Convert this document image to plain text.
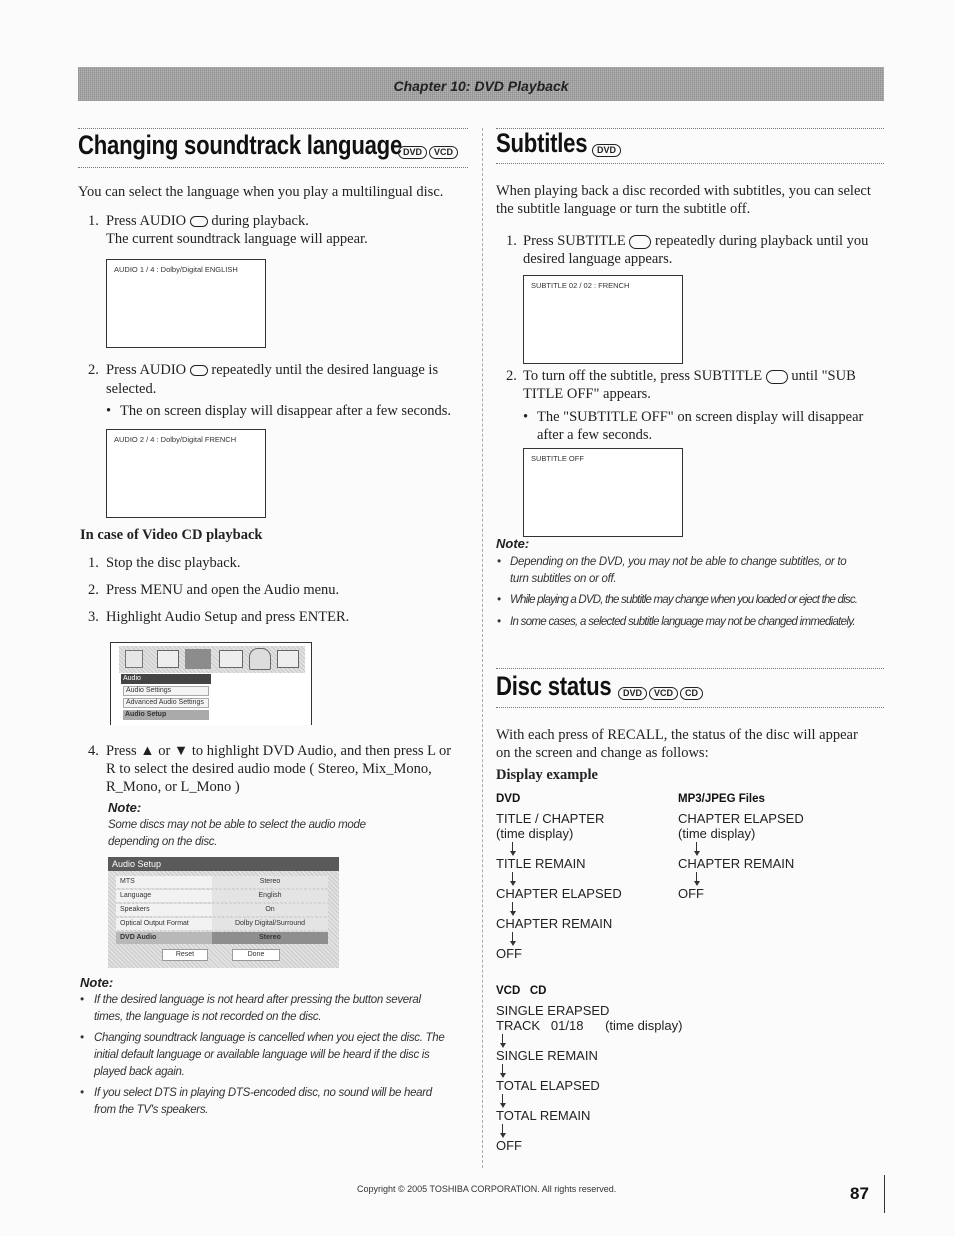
Chapter 10: DVD Playback
Changing soundtrack language DVD VCD
You can select the language when you play a multilingual disc.
1. Press AUDIO during playback.
The current soundtrack language will appear.
AUDIO 1 / 4 : Dolby/Digital ENGLISH
2. Press AUDIO repeatedly until the desired language is
selected.
• The on screen display will disappear after a few seconds.
AUDIO 2 / 4 : Dolby/Digital FRENCH
In case of Video CD playback
1. Stop the disc playback.
2. Press MENU and open the Audio menu.
3. Highlight Audio Setup and press ENTER.
Audio
Audio Settings
Advanced Audio Settings
Audio Setup
4. Press ▲ or ▼ to highlight DVD Audio, and then press L or
R to select the desired audio mode ( Stereo, Mix_Mono,
R_Mono, or L_Mono )
Note:
Some discs may not be able to select the audio mode
depending on the disc.
Audio Setup
MTS	Stereo
Language	English
Speakers	On
Optical Output Format	Dolby Digital/Surround
DVD Audio	Stereo
Reset	Done
Note:
• If the desired language is not heard after pressing the button several
times, the language is not recorded on the disc.
• Changing soundtrack language is cancelled when you eject the disc. The
initial default language or available language will be heard if the disc is
played back again.
• If you select DTS in playing DTS-encoded disc, no sound will be heard
from the TV's speakers.
Subtitles	DVD
When playing back a disc recorded with subtitles, you can select
the subtitle language or turn the subtitle off.
1. Press SUBTITLE repeatedly during playback until you
desired language appears.
SUBTITLE 02 / 02 : FRENCH
2. To turn off the subtitle, press SUBTITLE until "SUB
TITLE OFF" appears.
• The "SUBTITLE OFF" on screen display will disappear
after a few seconds.
SUBTITLE OFF
Note:
• Depending on the DVD, you may not be able to change subtitles, or to
turn subtitles on or off.
• While playing a DVD, the subtitle may change when you loaded or eject the disc.
• In some cases, a selected subtitle language may not be changed immediately.
Disc status	DVD VCD CD
With each press of RECALL, the status of the disc will appear
on the screen and change as follows:
Display example
DVD
TITLE / CHAPTER
(time display)
TITLE REMAIN
CHAPTER ELAPSED
CHAPTER REMAIN
OFF
MP3/JPEG Files
CHAPTER ELAPSED
(time display)
CHAPTER REMAIN
OFF
VCD   CD
SINGLE ERAPSED
TRACK   01/18      (time display)
SINGLE REMAIN
TOTAL ELAPSED
TOTAL REMAIN
OFF
Copyright © 2005 TOSHIBA CORPORATION. All rights reserved.	87
